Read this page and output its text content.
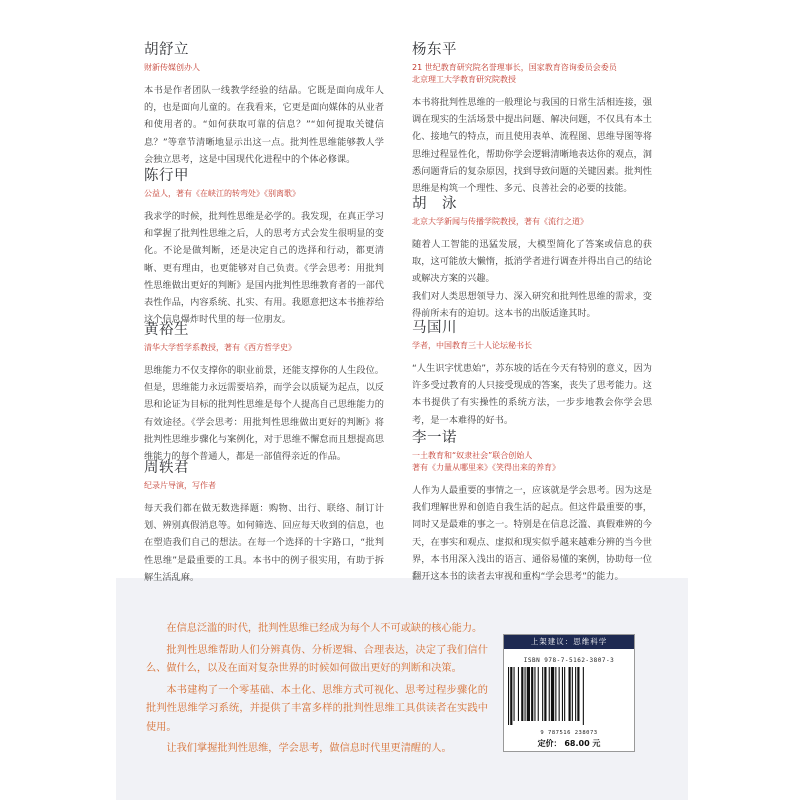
胡舒立
财新传媒创办人

本书是作者团队一线教学经验的结晶。它既是面向成年人的，也是面向儿童的。在我看来，它更是面向媒体的从业者和使用者的。“如何获取可靠的信息？”“如何提取关键信息？”等章节清晰地显示出这一点。批判性思维能够教人学会独立思考，这是中国现代化进程中的个体必修课。

陈行甲
公益人，著有《在峡江的转弯处》《别离歌》

我求学的时候，批判性思维是必学的。我发现，在真正学习和掌握了批判性思维之后，人的思考方式会发生很明显的变化。不论是做判断，还是决定自己的选择和行动，都更清晰、更有理由，也更能够对自己负责。《学会思考：用批判性思维做出更好的判断》是国内批判性思维教育者的一部代表性作品，内容系统、扎实、有用。我愿意把这本书推荐给这个信息爆炸时代里的每一位朋友。

黄裕生
清华大学哲学系教授，著有《西方哲学史》

思维能力不仅支撑你的职业前景，还能支撑你的人生段位。但是，思维能力永远需要培养，而学会以质疑为起点，以反思和论证为目标的批判性思维是每个人提高自己思维能力的有效途径。《学会思考：用批判性思维做出更好的判断》将批判性思维步骤化与案例化，对于思维不懈怠而且想提高思维能力的每个普通人，都是一部值得亲近的作品。

周轶君
纪录片导演，写作者

每天我们都在做无数选择题：购物、出行、联络、制订计划、辨别真假消息等。如何筛选、回应每天收到的信息，也在塑造我们自己的想法。在每一个选择的十字路口，“批判性思维”是最重要的工具。本书中的例子很实用，有助于拆解生活乱麻。

杨东平
21 世纪教育研究院名誉理事长，国家教育咨询委员会委员
北京理工大学教育研究院教授

本书将批判性思维的一般理论与我国的日常生活相连接，强调在现实的生活场景中提出问题、解决问题，不仅具有本土化、接地气的特点，而且使用表单、流程图、思维导图等将思维过程显性化，帮助你学会逻辑清晰地表达你的观点，洞悉问题背后的复杂原因，找到导致问题的关键因素。批判性思维是构筑一个理性、多元、良善社会的必要的技能。

胡　泳
北京大学新闻与传播学院教授，著有《流行之道》

随着人工智能的迅猛发展，大模型简化了答案或信息的获取，这可能放大懒惰，抵消学者进行调查并得出自己的结论或解决方案的兴趣。

我们对人类思想领导力、深入研究和批判性思维的需求，变得前所未有的迫切。这本书的出版适逢其时。

马国川
学者，中国教育三十人论坛秘书长

“人生识字忧患始”，苏东坡的话在今天有特别的意义，因为许多受过教育的人只接受现成的答案，丧失了思考能力。这本书提供了有实操性的系统方法，一步步地教会你学会思考，是一本难得的好书。

李一诺
一土教育和“奴隶社会”联合创始人
著有《力量从哪里来》《笑得出来的养育》

人作为人最重要的事情之一，应该就是学会思考。因为这是我们理解世界和创造自我生活的起点。但这件最重要的事，同时又是最难的事之一。特别是在信息泛滥、真假难辨的今天，在事实和观点、虚拟和现实似乎越来越难分辨的当今世界，本书用深入浅出的语言、通俗易懂的案例，协助每一位翻开这本书的读者去审视和重构“学会思考”的能力。

在信息泛滥的时代，批判性思维已经成为每个人不可或缺的核心能力。

批判性思维帮助人们分辨真伪、分析逻辑、合理表达，决定了我们信什么、做什么，以及在面对复杂世界的时候如何做出更好的判断和决策。

本书建构了一个零基础、本土化、思维方式可视化、思考过程步骤化的批判性思维学习系统，并提供了丰富多样的批判性思维工具供读者在实践中使用。

让我们掌握批判性思维，学会思考，做信息时代里更清醒的人。

上架建议：思维科学
ISBN 978-7-5162-3807-3
9 787516 238073
定价： 68.00 元
